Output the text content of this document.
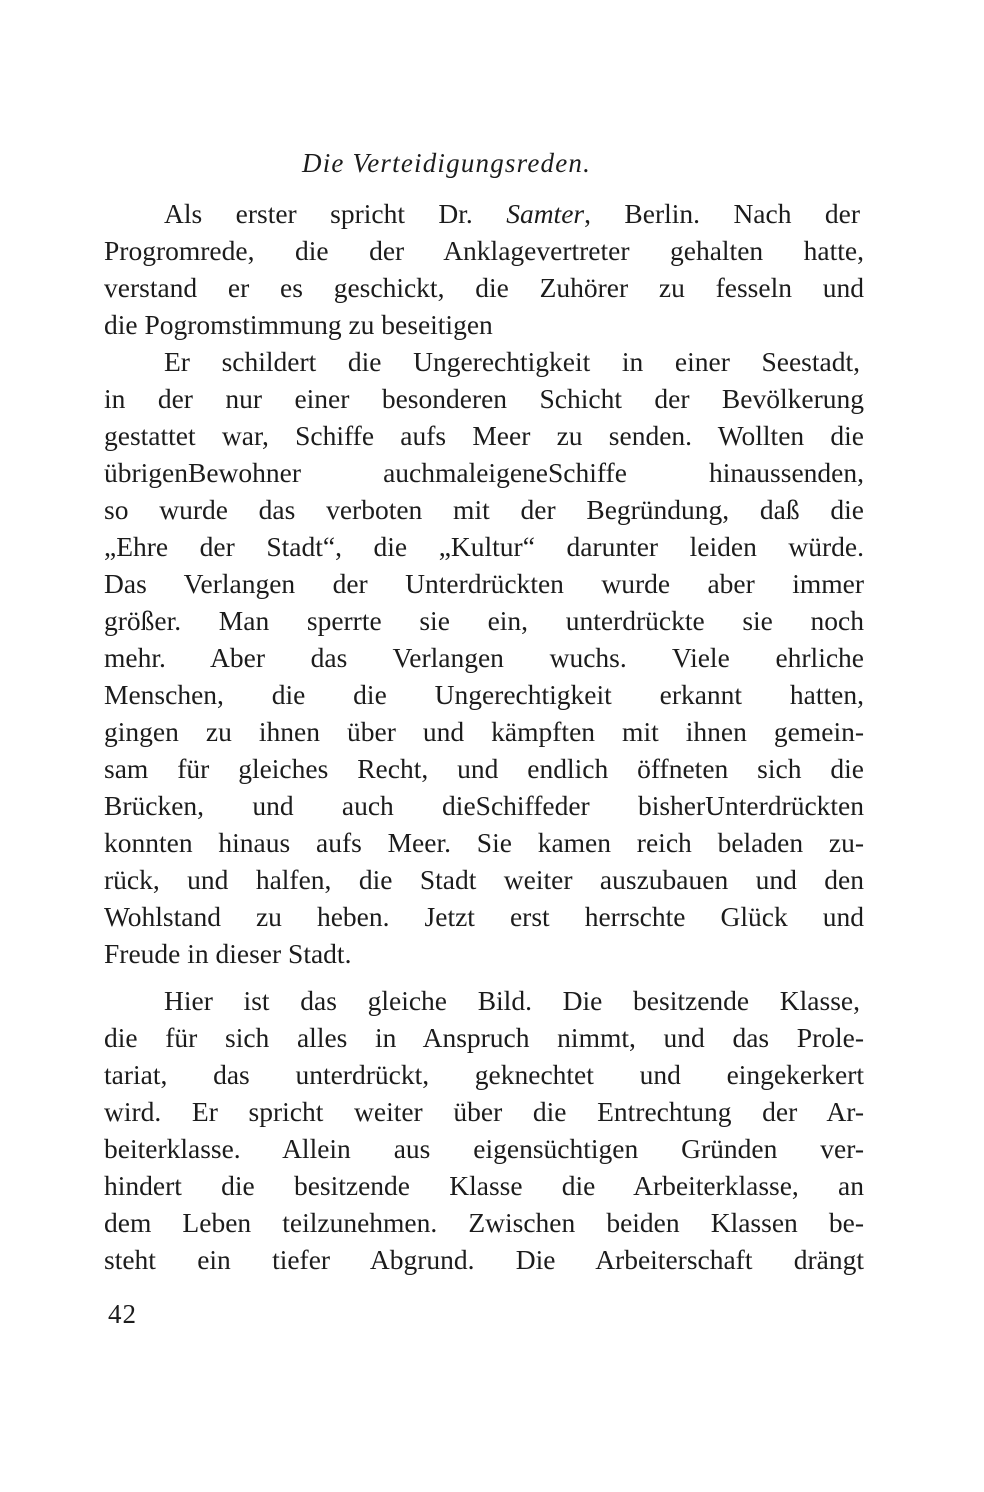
Die Verteidigungsreden.
Als erster spricht Dr. Samter, Berlin. Nach der
Progromrede, die der Anklagevertreter gehalten hatte,
verstand er es geschickt, die Zuhörer zu fesseln und
die Pogromstimmung zu beseitigen
Er schildert die Ungerechtigkeit in einer Seestadt,
in der nur einer besonderen Schicht der Bevölkerung
gestattet war, Schiffe aufs Meer zu senden. Wollten die
übrigenBewohner auchmaleigeneSchiffe hinaussenden,
so wurde das verboten mit der Begründung, daß die
„Ehre der Stadt“, die „Kultur“ darunter leiden würde.
Das Verlangen der Unterdrückten wurde aber immer
größer. Man sperrte sie ein, unterdrückte sie noch
mehr. Aber das Verlangen wuchs. Viele ehrliche
Menschen, die die Ungerechtigkeit erkannt hatten,
gingen zu ihnen über und kämpften mit ihnen gemein-
sam für gleiches Recht, und endlich öffneten sich die
Brücken, und auch dieSchiffeder bisherUnterdrückten
konnten hinaus aufs Meer. Sie kamen reich beladen zu-
rück, und halfen, die Stadt weiter auszubauen und den
Wohlstand zu heben. Jetzt erst herrschte Glück und
Freude in dieser Stadt.
Hier ist das gleiche Bild. Die besitzende Klasse,
die für sich alles in Anspruch nimmt, und das Prole-
tariat, das unterdrückt, geknechtet und eingekerkert
wird. Er spricht weiter über die Entrechtung der Ar-
beiterklasse. Allein aus eigensüchtigen Gründen ver-
hindert die besitzende Klasse die Arbeiterklasse, an
dem Leben teilzunehmen. Zwischen beiden Klassen be-
steht ein tiefer Abgrund. Die Arbeiterschaft drängt
42
